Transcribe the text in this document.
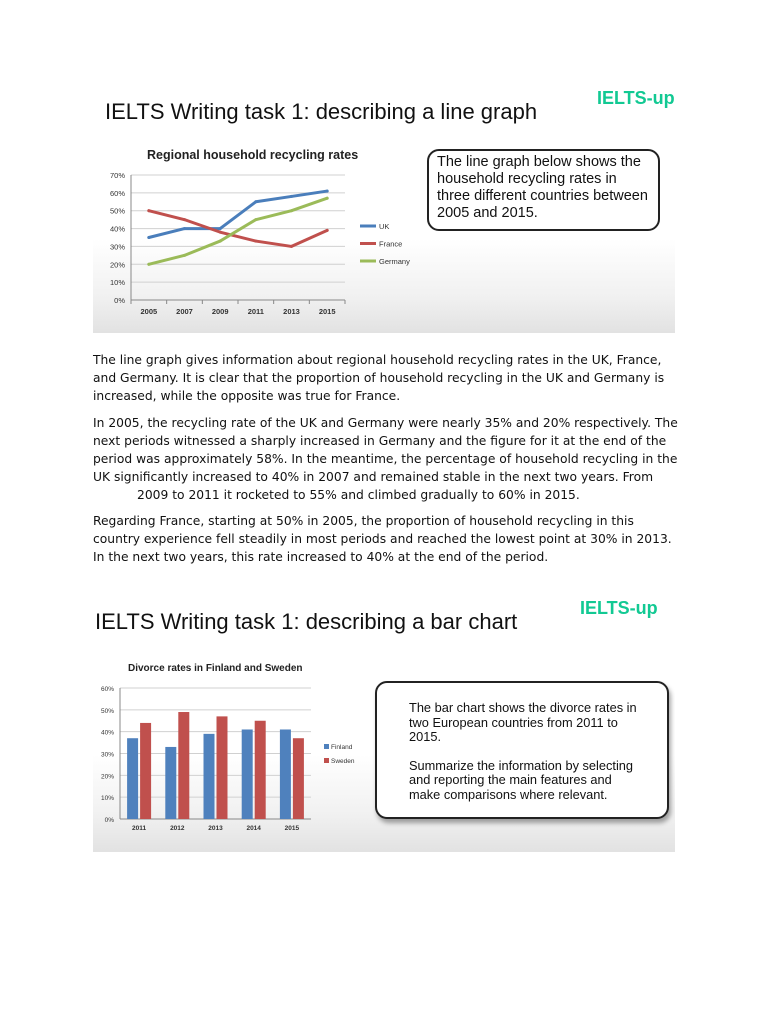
IELTS Writing task 1: describing a line graph
IELTS-up
Regional household recycling rates
0%
10%
20%
30%
40%
50%
60%
70%
2005	2007	2009	2011	2013	2015
UK
France
Germany
The line graph below shows the household recycling rates in three different countries between 2005 and 2015.

The line graph gives information about regional household recycling rates in the UK, France, and Germany. It is clear that the proportion of household recycling in the UK and Germany is increased, while the opposite was true for France.

In 2005, the recycling rate of the UK and Germany were nearly 35% and 20% respectively. The next periods witnessed a sharply increased in Germany and the figure for it at the end of the period was approximately 58%. In the meantime, the percentage of household recycling in the UK significantly increased to 40% in 2007 and remained stable in the next two years. From2009 to 2011 it rocketed to 55% and climbed gradually to 60% in 2015.

Regarding France, starting at 50% in 2005, the proportion of household recycling in this country experience fell steadily in most periods and reached the lowest point at 30% in 2013. In the next two years, this rate increased to 40% at the end of the period.

IELTS Writing task 1: describing a bar chart
IELTS-up
Divorce rates in Finland and Sweden
0%
10%
20%
30%
40%
50%
60%
2011	2012	2013	2014	2015
Finland
Sweden
The bar chart shows the divorce rates in two European countries from 2011 to 2015.
Summarize the information by selecting and reporting the main features and make comparisons where relevant.
